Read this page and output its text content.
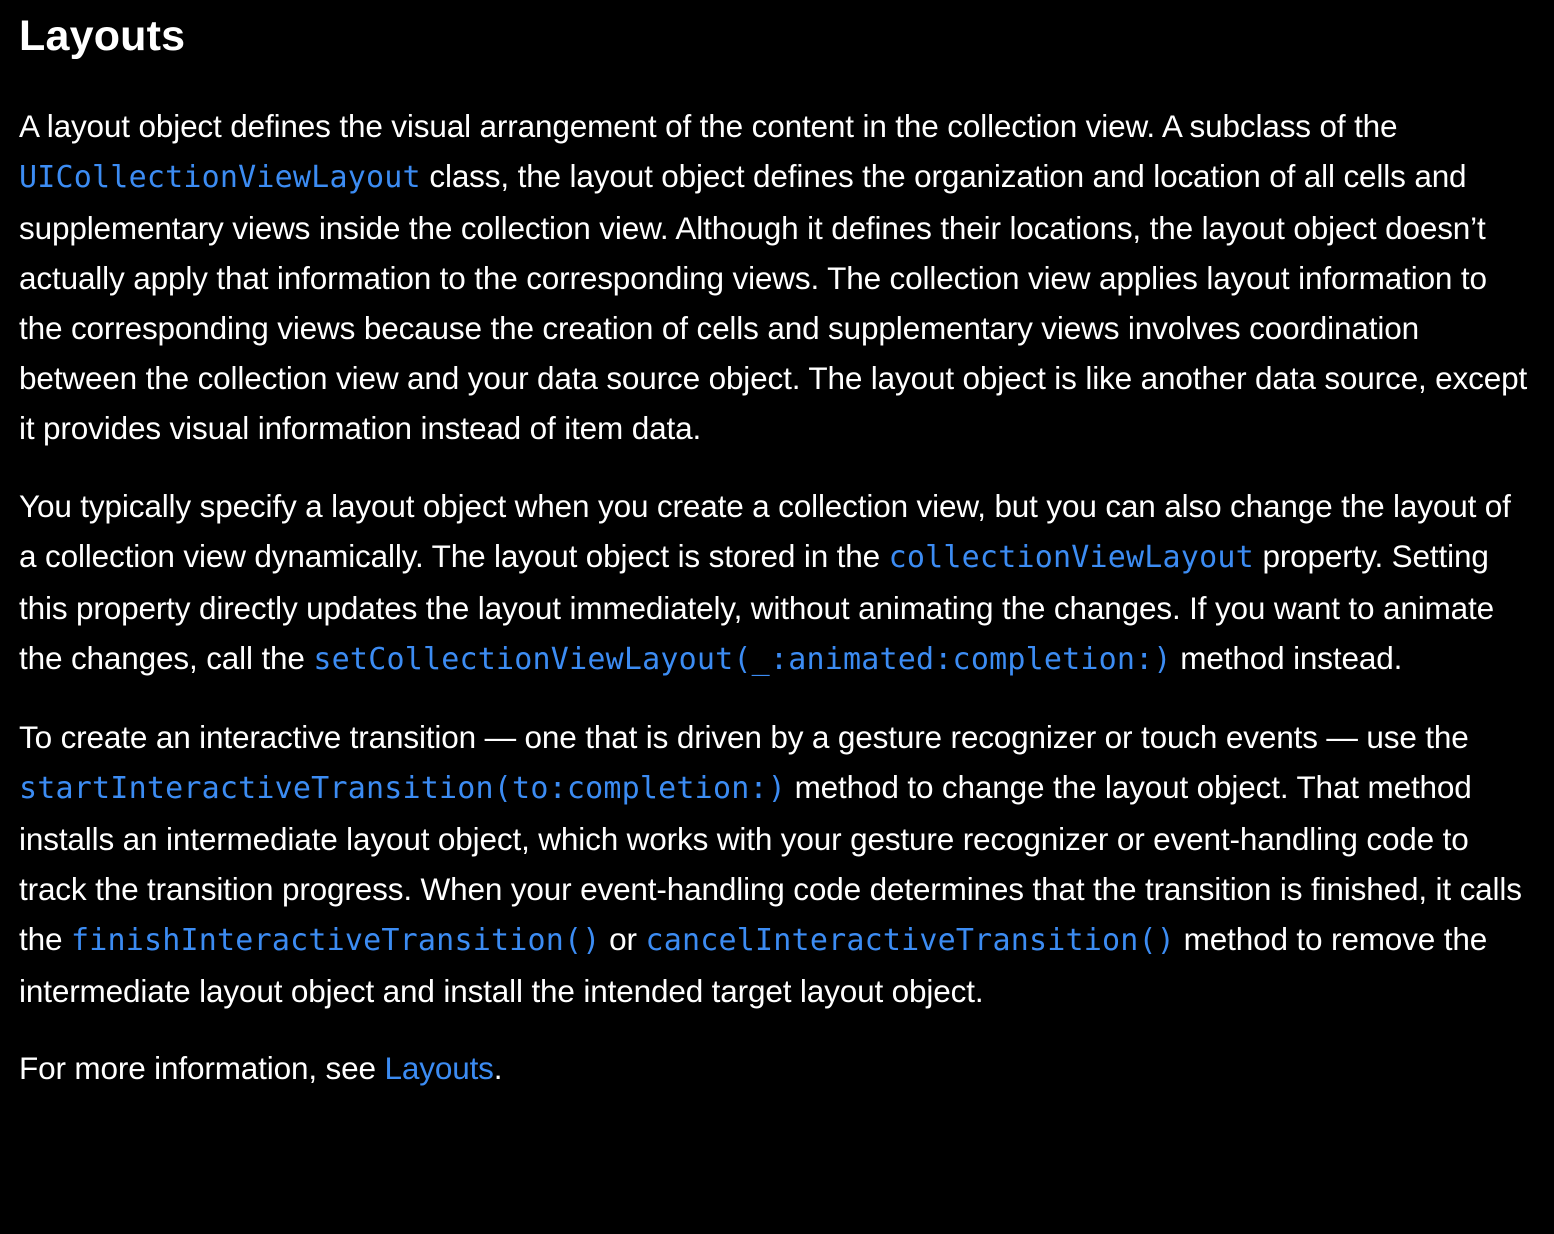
Layouts

A layout object defines the visual arrangement of the content in the collection view. A subclass of the UICollectionViewLayout class, the layout object defines the organization and location of all cells and supplementary views inside the collection view. Although it defines their locations, the layout object doesn’t actually apply that information to the corresponding views. The collection view applies layout information to the corresponding views because the creation of cells and supplementary views involves coordination between the collection view and your data source object. The layout object is like another data source, except it provides visual information instead of item data.

You typically specify a layout object when you create a collection view, but you can also change the layout of a collection view dynamically. The layout object is stored in the collectionView​Layout property. Setting this property directly updates the layout immediately, without animating the changes. If you want to animate the changes, call the setCollectionViewLayout(_:​animated:completion:) method instead.

To create an interactive transition — one that is driven by a gesture recognizer or touch events — use the startInteractiveTransition(to:completion:) method to change the layout object. That method installs an intermediate layout object, which works with your gesture recognizer or event-handling code to track the transition progress. When your event-handling code determines that the transition is finished, it calls the finishInteractiveTransition() or cancelInteractiveTransition() method to remove the intermediate layout object and install the intended target layout object.

For more information, see Layouts.
